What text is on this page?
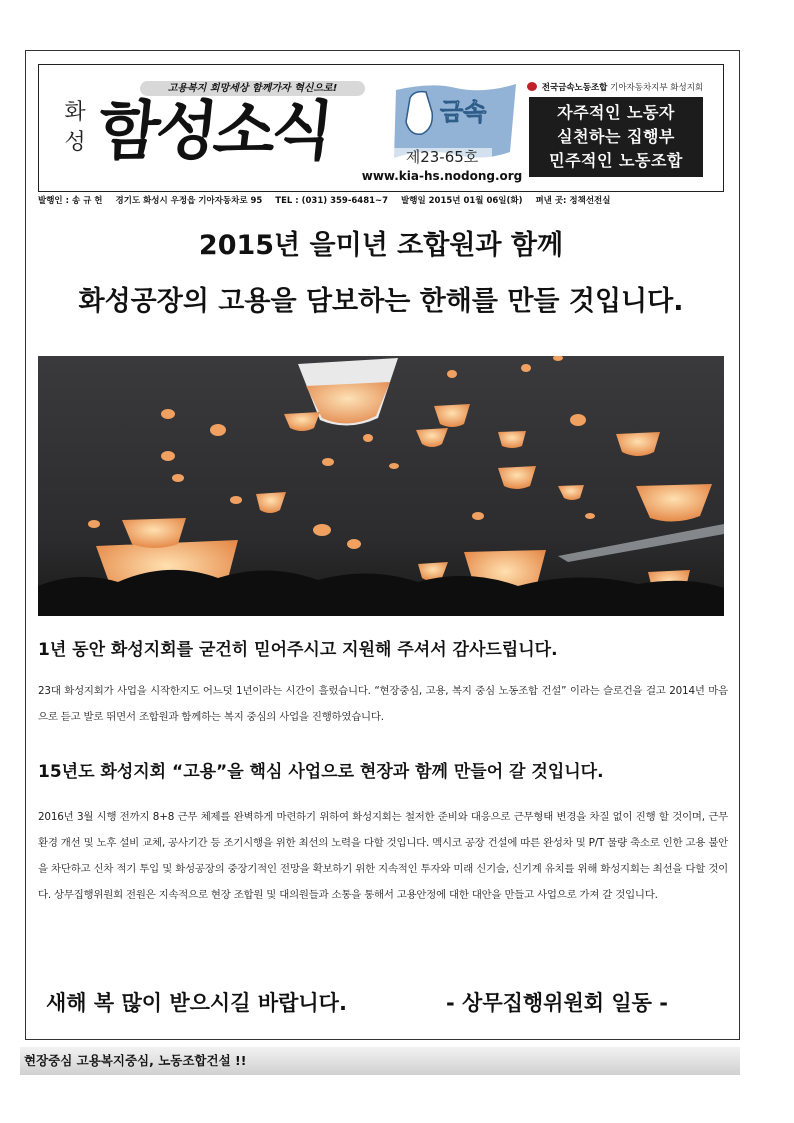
고용복지 희망세상 함께가자 혁신으로!
화
성 함성소식	금속
제23-65호
www.kia-hs.nodong.org
전국금속노동조합 기아자동차지부 화성지회
자주적인 노동자
실천하는 집행부
민주적인 노동조합
발행인 : 송 규 헌 경기도 화성시 우정읍 기아자동차로 95 TEL : (031) 359-6481~7 발행일 2015년 01월 06일(화) 펴낸 곳: 정책선전실
2015년 을미년 조합원과 함께
화성공장의 고용을 담보하는 한해를 만들 것입니다.
1년 동안 화성지회를 굳건히 믿어주시고 지원해 주셔서 감사드립니다.
23대 화성지회가 사업을 시작한지도 어느덧 1년이라는 시간이 흘렀습니다. “현장중심, 고용, 복지 중심 노동조합 건설” 이라는 슬로건을 걸고 2014년 마음으로 듣고 발로 뛰면서 조합원과 함께하는 복지 중심의 사업을 진행하였습니다.
15년도 화성지회 “고용”을 핵심 사업으로 현장과 함께 만들어 갈 것입니다.
2016년 3월 시행 전까지 8+8 근무 체제를 완벽하게 마련하기 위하여 화성지회는 철저한 준비와 대응으로 근무형태 변경을 차질 없이 진행 할 것이며, 근무환경 개선 및 노후 설비 교체, 공사기간 등 조기시행을 위한 최선의 노력을 다할 것입니다. 멕시코 공장 건설에 따른 완성차 및 P/T 물량 축소로 인한 고용 불안을 차단하고 신차 적기 투입 및 화성공장의 중장기적인 전망을 확보하기 위한 지속적인 투자와 미래 신기술, 신기계 유치를 위해 화성지회는 최선을 다할 것이다. 상무집행위원회 전원은 지속적으로 현장 조합원 및 대의원들과 소통을 통해서 고용안정에 대한 대안을 만들고 사업으로 가져 갈 것입니다.
새해 복 많이 받으시길 바랍니다.	- 상무집행위원회 일동 -
현장중심 고용복지중심, 노동조합건설 !!
